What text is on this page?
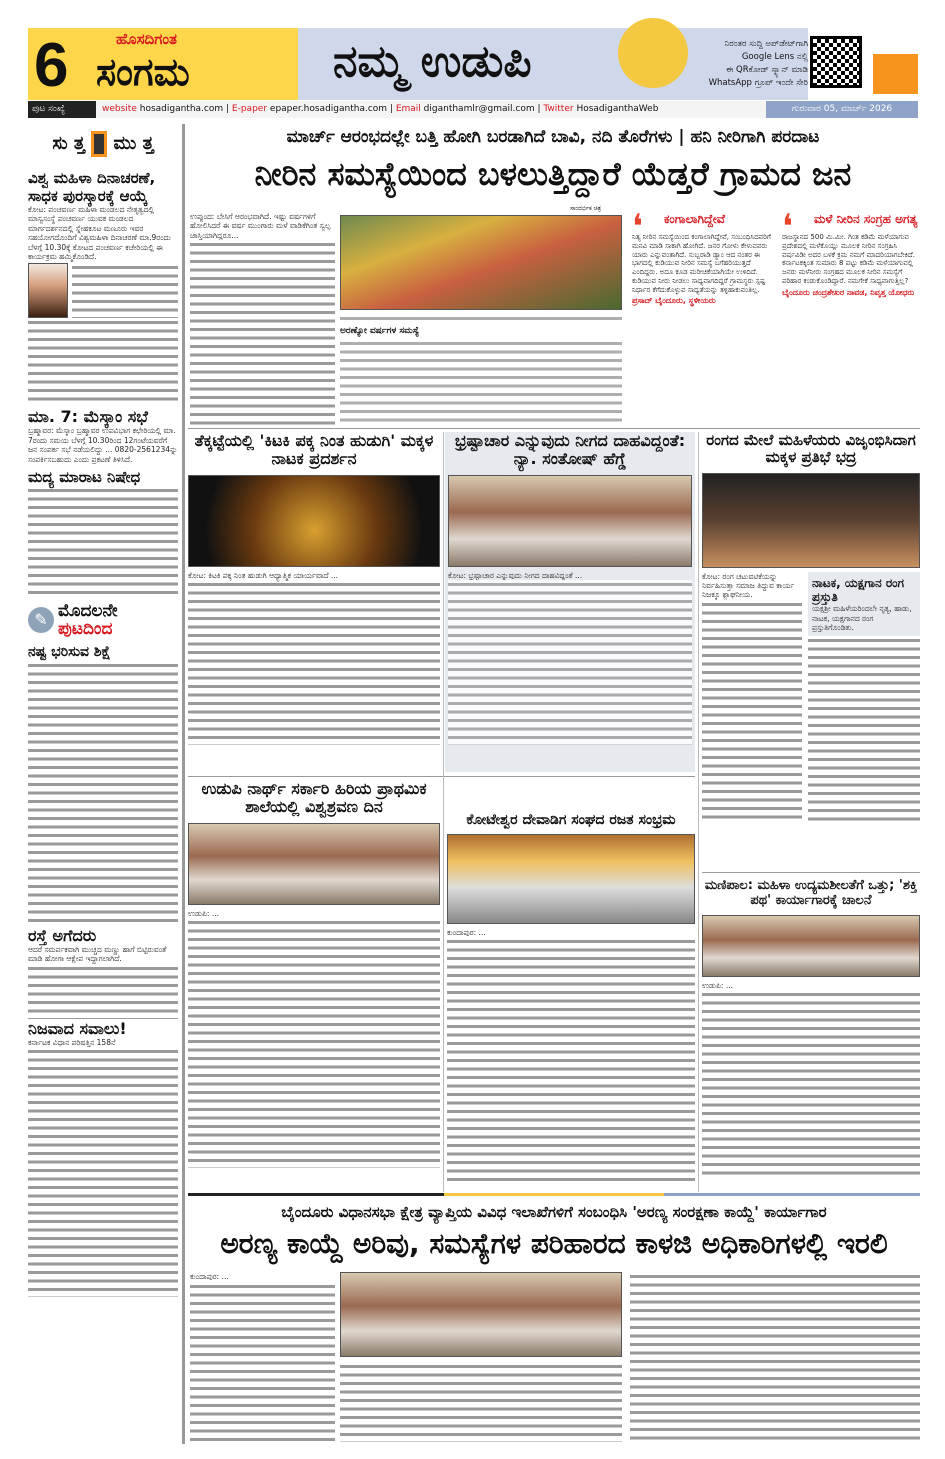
6	ಹೊಸದಿಗಂತ
ಸಂಗಮ	ನಮ್ಮ ಉಡುಪಿ	ನಿರಂತರ ಸುದ್ದಿ ಅಪ್‌ಡೇಟ್‌ಗಾಗಿ
Google Lens ನಲ್ಲಿ
ಈ QRಕೋಡ್ ಸ್ಕ್ಯಾನ್ ಮಾಡಿ
WhatsApp ಗ್ರೂಪ್ ಇಂದೇ ಸೇರಿ
ಪುಟ ಸಂಖ್ಯೆ	website hosadigantha.com | E-paper epaper.hosadigantha.com | Email diganthamlr@gmail.com | Twitter HosadiganthaWeb	ಗುರುವಾರ 05, ಮಾರ್ಚ್ 2026
ಸು ತ್ತ ಮು ತ್ತ
ವಿಶ್ವ ಮಹಿಳಾ ದಿನಾಚರಣೆ, ಸಾಧಕ ಪುರಸ್ಕಾರಕ್ಕೆ ಆಯ್ಕೆ
ಕೋಟ: ಪಂಚವರ್ಣ ಮಹಿಳಾ ಮಂಡಲದ ನೇತೃತ್ವದಲ್ಲಿ ಮಾಸ್ವಸಂಸ್ಥೆ ಪಂಚವರ್ಣ ಯುವಕ ಮಂಡಲದ ಮಾರ್ಗದರ್ಶನದಲ್ಲಿ ಸ್ನೇಹಕೂಟ ಮಣೂರು ಇವರ ಸಹಯೋಗದೊಂದಿಗೆ ವಿಶ್ವಮಹಿಳಾ ದಿನಾಚರಣೆ ಮಾ.9ರಂದು ಬೆಳಗ್ಗೆ 10.30ಕ್ಕೆ ಕೋಟದ ಪಂಚವರ್ಣ ಕಚೇರಿಯಲ್ಲಿ ಈ ಕಾರ್ಯಕ್ರಮ ಹಮ್ಮಿಕೊಂಡಿದೆ.
ಮಾ. 7: ಮೆಸ್ಕಾಂ ಸಭೆ
ಬ್ರಹ್ಮಾವರ: ಮೆಸ್ಕಾಂ ಬ್ರಹ್ಮಾವರ ಉಪವಿಭಾಗ ಕಛೇರಿಯಲ್ಲಿ ಮಾ. 7ರಂದು ಸಮಯ ಬೆಳಗ್ಗೆ 10.30ರಿಂದ 12ಗಂಟೆಯವರೆಗೆ ಜನ ಸಂಪರ್ಕ ಸಭೆ ನಡೆಯಲಿದ್ದು ... 0820-2561234ನ್ನು ಸಂಪರ್ಕಿಸಬಹುದು ಎಂದು ಪ್ರಕಟಣೆ ತಿಳಿಸಿದೆ.
ಮದ್ಯ ಮಾರಾಟ ನಿಷೇಧ
✎ ಮೊದಲನೇ
ಪುಟದಿಂದ
ನಷ್ಟ ಭರಿಸುವ ಶಿಕ್ಷೆ
ರಸ್ತೆ ಅಗೆದರು
ಆದರೆ ಸಮರ್ಪಕವಾಗಿ ಮುಚ್ಚದ ಮಣ್ಣು ಹಾಗೆ ಬಿಟ್ಟಿರುವಂತೆ ಮಾಡಿ ಹೋಗಾ ಆಕ್ಷೇಪ ಇದ್ದಾಗಲಾಗಿದೆ.
ನಿಜವಾದ ಸವಾಲು!
ಕರ್ನಾಟಕ ವಿಧಾನ ಪರಿಷತ್ತಿನ 158ನೆ
ಮಾರ್ಚ್ ಆರಂಭದಲ್ಲೇ ಬತ್ತಿ ಹೋಗಿ ಬರಡಾಗಿದೆ ಬಾವಿ, ನದಿ ತೊರೆಗಳು | ಹನಿ ನೀರಿಗಾಗಿ ಪರದಾಟ
ನೀರಿನ ಸಮಸ್ಯೆಯಿಂದ ಬಳಲುತ್ತಿದ್ದಾರೆ ಯೆಡ್ತರೆ ಗ್ರಾಮದ ಜನ
ಸಾಂದರ್ಭಿಕ ಚಿತ್ರ
ಉಪ್ಪುಂದ: ಬೇಸಿಗೆ ಆರಂಭವಾಗಿದೆ. ಇಷ್ಟು ವರ್ಷಗಳಿಗೆ ಹೋಲಿಸಿದರೆ ಈ ವರ್ಷ ಮುಂಗಾರು ಮಳೆ ವಾಡಿಕೆಗಿಂತ ಸ್ವಲ್ಪ ಜಾಸ್ತಿಯಾಗಿದ್ದರೂ...
ಅರಣ್ಯೋ ವರ್ಷಗಳ ಸಮಸ್ಯೆ
❛ ಕಂಗಾಲಾಗಿದ್ದೇವೆ
ನಿತ್ಯ ನೀರಿನ ಸಮಸ್ಯೆಯಿಂದ ಕಂಗಾಲಾಗಿದ್ದೇವೆ, ಸಂಬಂಧಿಸಿದವರಿಗೆ ಮನವಿ ಮಾಡಿ ಸಾಕಾಗಿ ಹೋಗಿದೆ. ಜನರ ಗೋಳು ಕೇಳುವವರು ಯಾರು ಎನ್ನುವಂತಾಗಿದೆ. ಸುಬ್ಬರಾಡಿ ಡ್ಯಾಂ ಆದ ನಂತರ ಈ ಭಾಗದಲ್ಲಿ ಕುಡಿಯುವ ನೀರಿನ ಸಮಸ್ಯೆ ಬಗೆಹರಿಯುತ್ತದೆ ಎಂದಿದ್ದರು. ಅದೂ ಕೂಡ ಮರೀಚಿಕೆಯಾಗಿಯೇ ಉಳಿದಿದೆ. ಕುಡಿಯುವ ನೀರು ನೀಡಲು ಸಾಧ್ಯವಾಗದಿದ್ದರೆ ಗ್ರಾಮಸ್ಥರು ಸ್ಪಷ್ಟ ನಿರ್ಧಾರ ಕೆಗೆದುಕೊಳ್ಳುವ ಸಾಧ್ಯತೆಯನ್ನು ತಳ್ಳಿಹಾಕುವಂತಿಲ್ಲ.
ಪ್ರಸಾದ್ ಬೈಂದೂರು, ಸ್ಥಳೀಯರು
❛ ಮಳೆ ನೀರಿನ ಸಂಗ್ರಹ ಅಗತ್ಯ
ರಾಜಸ್ಥಾನದ 500 ಮಿ.ಮೀ. ಗಿಂತ ಕಡಿಮೆ ಮಳೆಯಾಗುವ ಪ್ರದೇಶದಲ್ಲಿ ಮಳೆಕೊಯ್ಲು ಮೂಲಕ ನೀರಿನ ಸಂಗ್ರಹಿಸಿ ವರ್ಷವಿಡೀ ಅದರ ಬಳಕೆ ಕ್ರಮ ನಮಗೆ ಮಾದರಿಯಾಗಬೇಕಿದೆ. ಕರ್ನಾಟಕಕ್ಕಿಂತ ಸುಮಾರು 8 ಪಟ್ಟು ಕಡಿಮೆ ಮಳೆಯಾಗುವಲ್ಲಿ ಜನರು ಮಳೆನೀರು ಸಂಗ್ರಹದ ಮೂಲಕ ನೀರಿನ ಸಮಸ್ಯೆಗೆ ಪರಿಹಾರ ಕಂಡುಕೊಂಡಿದ್ದಾರೆ. ನಮಗೇಕೆ ಸಾಧ್ಯವಾಗುತ್ತಿಲ್ಲ?
ಬೈಂದೂರು ಚಂದ್ರಶೇಖರ ನಾವಡ, ನಿವೃತ್ತ ಯೋಧರು
ತೆಕ್ಕಟ್ಟೆಯಲ್ಲಿ 'ಕಿಟಕಿ ಪಕ್ಕ ನಿಂತ ಹುಡುಗಿ' ಮಕ್ಕಳ ನಾಟಕ ಪ್ರದರ್ಶನ
ಕೋಟ: ಕಿಟಕಿ ಪಕ್ಕ ನಿಂತ ಹುಡುಗಿ ಆಧ್ಯಾತ್ಮಿಕ ಯಾರ್ಯವಾದೆ ...
ಭ್ರಷ್ಟಾಚಾರ ಎನ್ನುವುದು ನೀಗದ ದಾಹವಿದ್ದಂತೆ: ನ್ಯಾ. ಸಂತೋಷ್ ಹೆಗ್ಡೆ
ಕೋಟ: ಭ್ರಷ್ಟಾಚಾರ ಎನ್ನುವುದು ನೀಗದ ದಾಹವಿದ್ದಂತೆ ...
ರಂಗದ ಮೇಲೆ ಮಹಿಳೆಯರು ವಿಜೃಂಭಿಸಿದಾಗ ಮಕ್ಕಳ ಪ್ರತಿಭೆ ಭದ್ರ
ಕೋಟ: ರಂಗ ಚಟುವಟಿಕೆಯನ್ನು ನಿರ್ವಹಿಸುತ್ತಾ ಸಮಾಜ ತಿದ್ದುವ ಕಾರ್ಯ ನಿಜಕ್ಕೂ ಶ್ಲಾಘನೀಯ.
ನಾಟಕ, ಯಕ್ಷಗಾನ ರಂಗ ಪ್ರಸ್ತುತಿ
ಯಕ್ಷಶ್ರೀ ಮಹಿಳೆಯರಿಂದಲೇ ನೃತ್ಯ, ಹಾಡು, ನಾಟಕ, ಯಕ್ಷಗಾನದ ರಂಗ ಪ್ರಸ್ತುತಿಗೊಂಡಿತು.
ಉಡುಪಿ ನಾರ್ಥ್ ಸರ್ಕಾರಿ ಹಿರಿಯ ಪ್ರಾಥಮಿಕ ಶಾಲೆಯಲ್ಲಿ ವಿಶ್ವಶ್ರವಣ ದಿನ
ಉಡುಪಿ: ...
ಕೋಟೇಶ್ವರ ದೇವಾಡಿಗ ಸಂಘದ ರಜತ ಸಂಭ್ರಮ
ಕುಂದಾಪುರ: ...
ಮಣಿಪಾಲ: ಮಹಿಳಾ ಉದ್ಯಮಶೀಲತೆಗೆ ಒತ್ತು; 'ಶಕ್ತಿ ಪಥ' ಕಾರ್ಯಾಗಾರಕ್ಕೆ ಚಾಲನೆ
ಉಡುಪಿ: ...
ಬೈಂದೂರು ವಿಧಾನಸಭಾ ಕ್ಷೇತ್ರ ವ್ಯಾಪ್ತಿಯ ವಿವಿಧ ಇಲಾಖೆಗಳಿಗೆ ಸಂಬಂಧಿಸಿ 'ಅರಣ್ಯ ಸಂರಕ್ಷಣಾ ಕಾಯ್ದೆ' ಕಾರ್ಯಾಗಾರ
ಅರಣ್ಯ ಕಾಯ್ದೆ ಅರಿವು, ಸಮಸ್ಯೆಗಳ ಪರಿಹಾರದ ಕಾಳಜಿ ಅಧಿಕಾರಿಗಳಲ್ಲಿ ಇರಲಿ
ಕುಂದಾಪುರ: ...
